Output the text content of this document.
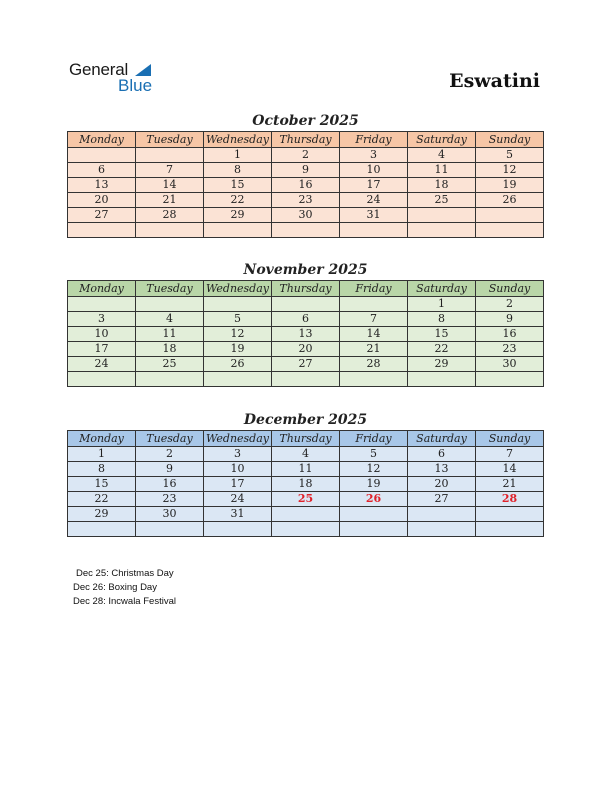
General
Blue	Eswatini
October 2025
Monday	Tuesday	Wednesday	Thursday	Friday	Saturday	Sunday
		1	2	3	4	5
6	7	8	9	10	11	12
13	14	15	16	17	18	19
20	21	22	23	24	25	26
27	28	29	30	31		

November 2025
Monday	Tuesday	Wednesday	Thursday	Friday	Saturday	Sunday
					1	2
3	4	5	6	7	8	9
10	11	12	13	14	15	16
17	18	19	20	21	22	23
24	25	26	27	28	29	30

December 2025
Monday	Tuesday	Wednesday	Thursday	Friday	Saturday	Sunday
1	2	3	4	5	6	7
8	9	10	11	12	13	14
15	16	17	18	19	20	21
22	23	24	25	26	27	28
29	30	31				

Dec 25: Christmas Day
Dec 26: Boxing Day
Dec 28: Incwala Festival
